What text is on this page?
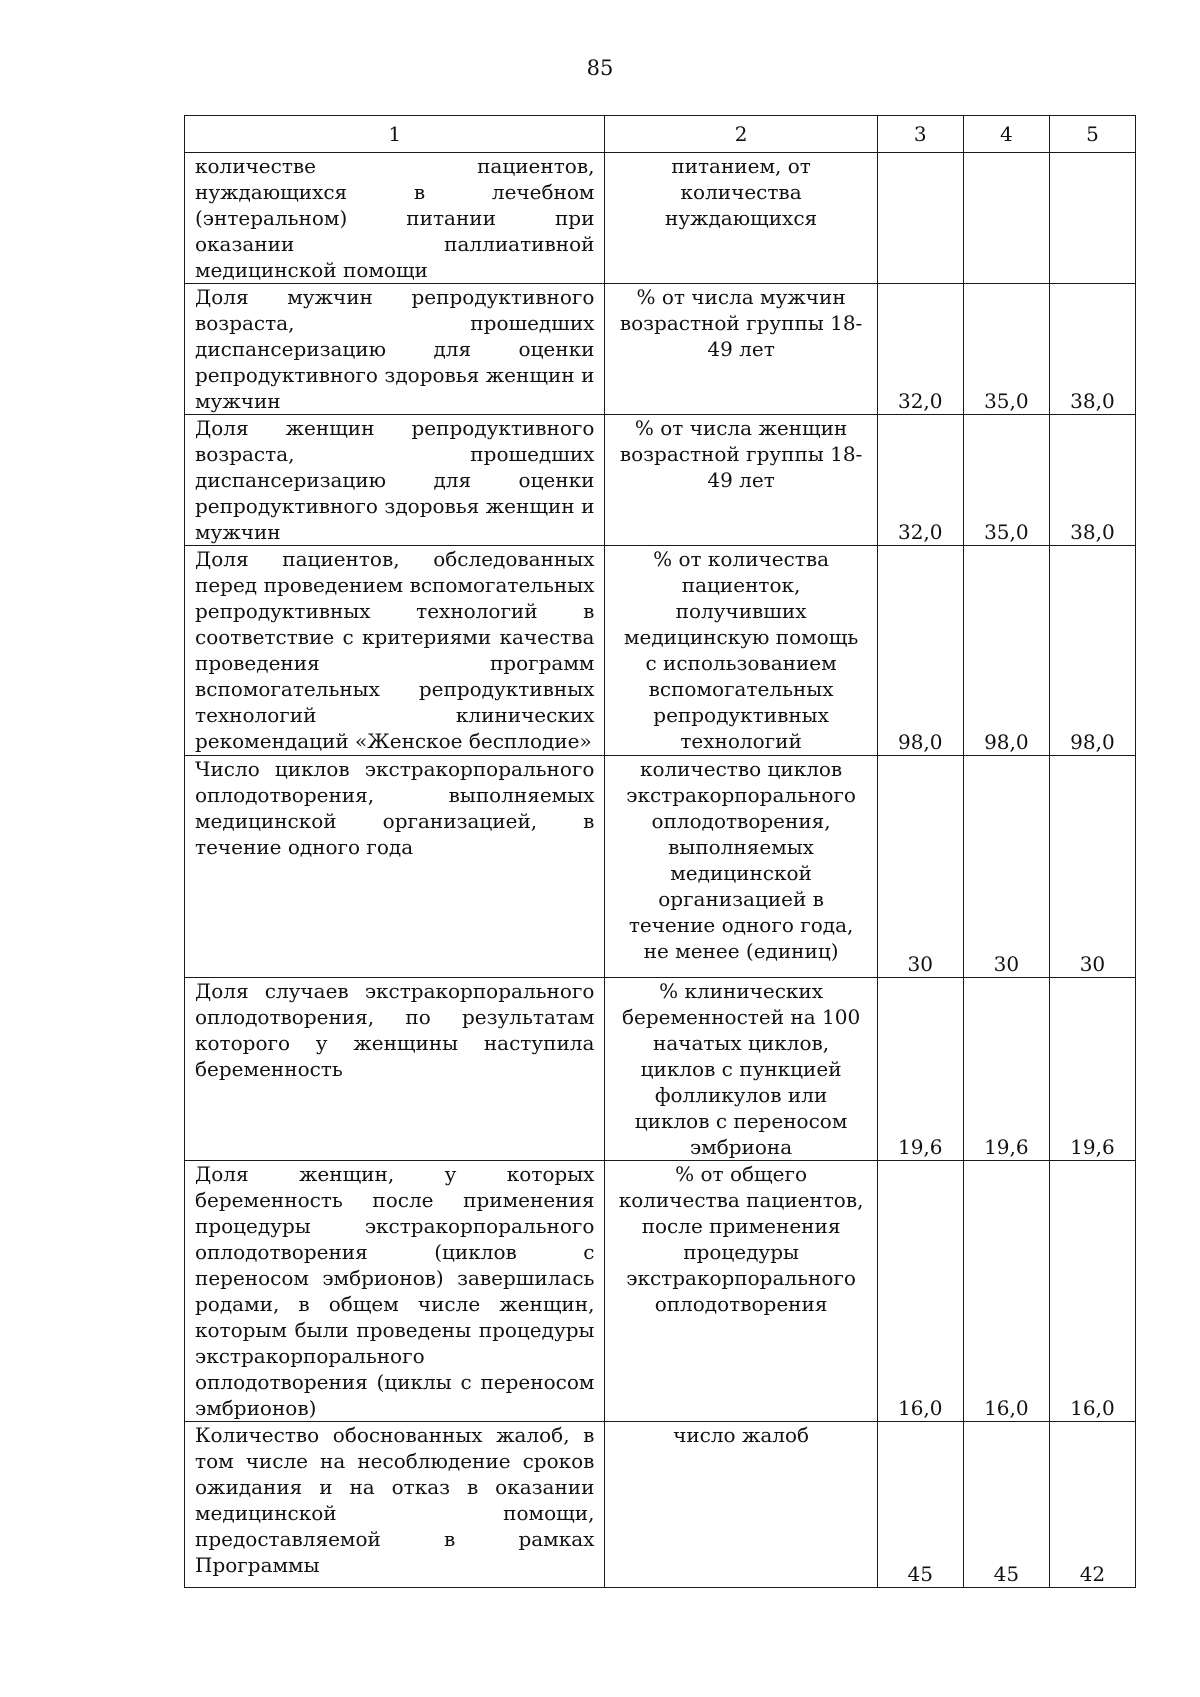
85
1	2	3	4	5
количестве пациентов, нуждающихся в лечебном (энтеральном) питании при оказании паллиативной медицинской помощи	питанием, от количества нуждающихся			
Доля мужчин репродуктивного возраста, прошедших диспансеризацию для оценки репродуктивного здоровья женщин и мужчин	% от числа мужчин возрастной группы 18-49 лет	32,0	35,0	38,0
Доля женщин репродуктивного возраста, прошедших диспансеризацию для оценки репродуктивного здоровья женщин и мужчин	% от числа женщин возрастной группы 18-49 лет	32,0	35,0	38,0
Доля пациентов, обследованных перед проведением вспомогательных репродуктивных технологий в соответствие с критериями качества проведения программ вспомогательных репродуктивных технологий клинических рекомендаций «Женское бесплодие»	% от количества пациенток, получивших медицинскую помощь с использованием вспомогательных репродуктивных технологий	98,0	98,0	98,0
Число циклов экстракорпорального оплодотворения, выполняемых медицинской организацией, в течение одного года	количество циклов экстракорпорального оплодотворения, выполняемых медицинской организацией в течение одного года, не менее (единиц)	30	30	30
Доля случаев экстракорпорального оплодотворения, по результатам которого у женщины наступила беременность	% клинических беременностей на 100 начатых циклов, циклов с пункцией фолликулов или циклов с переносом эмбриона	19,6	19,6	19,6
Доля женщин, у которых беременность после применения процедуры экстракорпорального оплодотворения (циклов с переносом эмбрионов) завершилась родами, в общем числе женщин, которым были проведены процедуры экстракорпорального оплодотворения (циклы с переносом эмбрионов)	% от общего количества пациентов, после применения процедуры экстракорпорального оплодотворения	16,0	16,0	16,0
Количество обоснованных жалоб, в том числе на несоблюдение сроков ожидания и на отказ в оказании медицинской помощи, предоставляемой в рамках Программы	число жалоб	45	45	42
